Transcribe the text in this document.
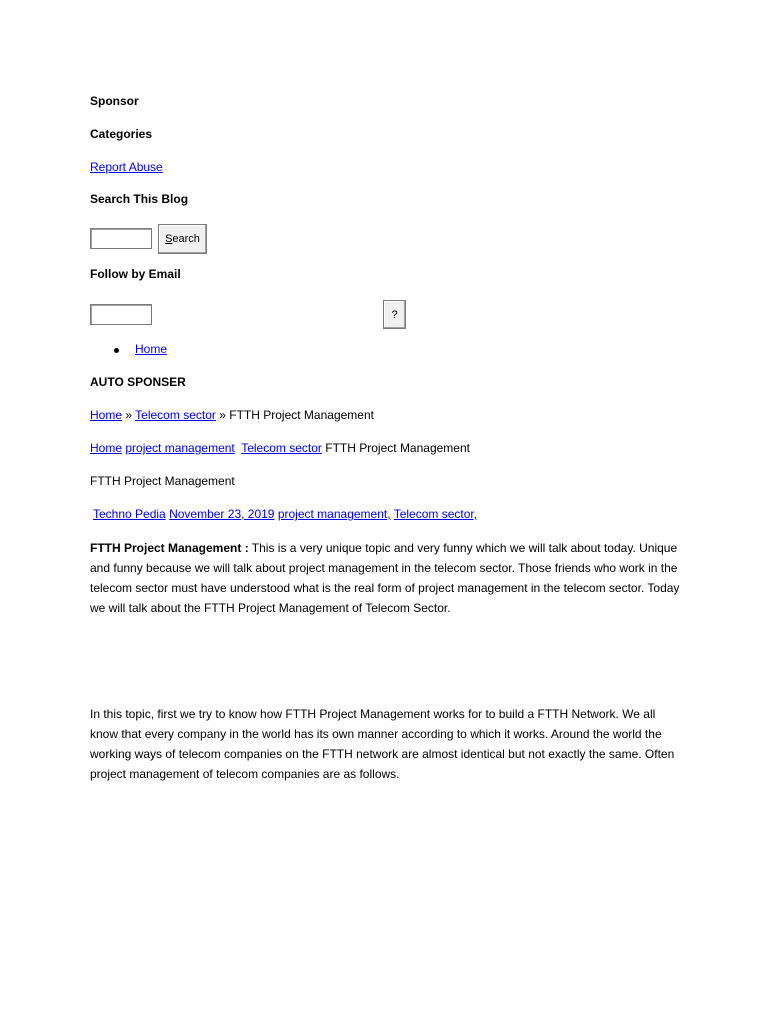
Sponsor
Categories
Report Abuse
Search This Blog
Search
Follow by Email
?
Home
AUTO SPONSER
Home » Telecom sector » FTTH Project Management
Home project management Telecom sector FTTH Project Management
FTTH Project Management
Techno Pedia November 23, 2019 project management, Telecom sector,
FTTH Project Management : This is a very unique topic and very funny which we will talk about today. Unique and funny because we will talk about project management in the telecom sector. Those friends who work in the telecom sector must have understood what is the real form of project management in the telecom sector. Today we will talk about the FTTH Project Management of Telecom Sector.
In this topic, first we try to know how FTTH Project Management works for to build a FTTH Network. We all know that every company in the world has its own manner according to which it works. Around the world the working ways of telecom companies on the FTTH network are almost identical but not exactly the same. Often project management of telecom companies are as follows.
